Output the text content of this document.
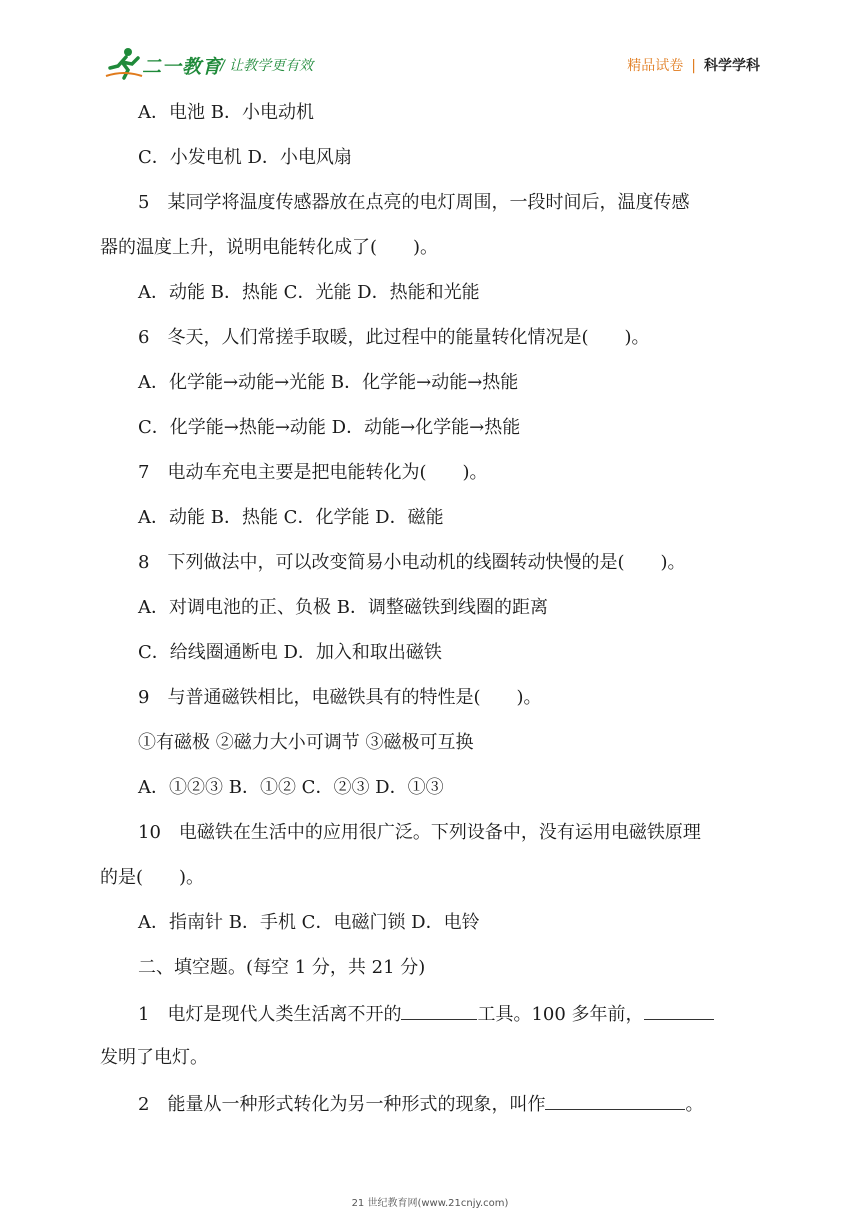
二一教育
/ 让教学更有效	精品试卷 | 科学学科
A．电池 B．小电动机
C．小发电机 D．小电风扇
5　某同学将温度传感器放在点亮的电灯周围，一段时间后，温度传感
器的温度上升，说明电能转化成了(　　)。
A．动能 B．热能 C．光能 D．热能和光能
6　冬天，人们常搓手取暖，此过程中的能量转化情况是(　　)。
A．化学能→动能→光能 B．化学能→动能→热能
C．化学能→热能→动能 D．动能→化学能→热能
7　电动车充电主要是把电能转化为(　　)。
A．动能 B．热能 C．化学能 D．磁能
8　下列做法中，可以改变简易小电动机的线圈转动快慢的是(　　)。
A．对调电池的正、负极 B．调整磁铁到线圈的距离
C．给线圈通断电 D．加入和取出磁铁
9　与普通磁铁相比，电磁铁具有的特性是(　　)。
①有磁极 ②磁力大小可调节 ③磁极可互换
A．①②③ B．①② C．②③ D．①③
10　电磁铁在生活中的应用很广泛。下列设备中，没有运用电磁铁原理
的是(　　)。
A．指南针 B．手机 C．电磁门锁 D．电铃
二、填空题。(每空 1 分，共 21 分)
1　电灯是现代人类生活离不开的	工具。100 多年前，
发明了电灯。
2　能量从一种形式转化为另一种形式的现象，叫作	。
21 世纪教育网(www.21cnjy.com)
